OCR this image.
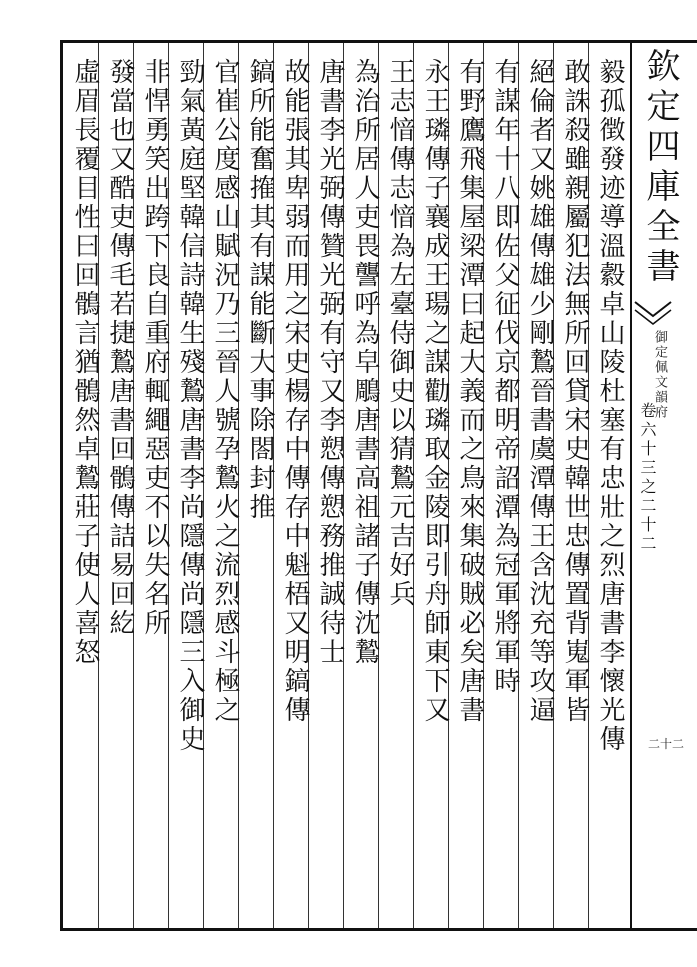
欽定四庫全書
御定佩文韻府
卷六十三之二十二
二十二
毅孤徴發迹導溫縠卓山陵杜塞有忠壯之烈唐書李懷光傳
敢誅殺雖親屬犯法無所回貸宋史韓世忠傳置背嵬軍皆
絕倫者又姚雄傳雄少剛鷙晉書虞潭傳王含沈充等攻逼
有謀年十八即佐父征伐京都明帝詔潭為冠軍將軍時
有野鷹飛集屋梁潭曰起大義而之鳥來集破賊必矣唐書
永王璘傳子襄成王瑒之謀勸璘取金陵即引舟師東下又
王志愔傳志愔為左臺侍御史以猜鷙元吉好兵
為治所居人吏畏讋呼為皁鵰唐書高祖諸子傳沈鷙
唐書李光弼傳贊光弼有守又李愬傳愬務推誠待士
故能張其卑弱而用之宋史楊存中傳存中魁梧又明鎬傳
鎬所能奮搉其有謀能斷大事除閤封推
官崔公度感山賦況乃三晉人號孕鷙火之流烈感斗極之
勁氣黃庭堅韓信詩韓生殘鷙唐書李尚隱傳尚隱三入御史
非悍勇笑出跨下良自重府輒繩惡吏不以失名所
發當也又酷吏傳毛若捷鷙唐書回鶻傳詰易回紇
虛眉長覆目性曰回鶻言猶鶻然卓鷙莊子使人喜怒
